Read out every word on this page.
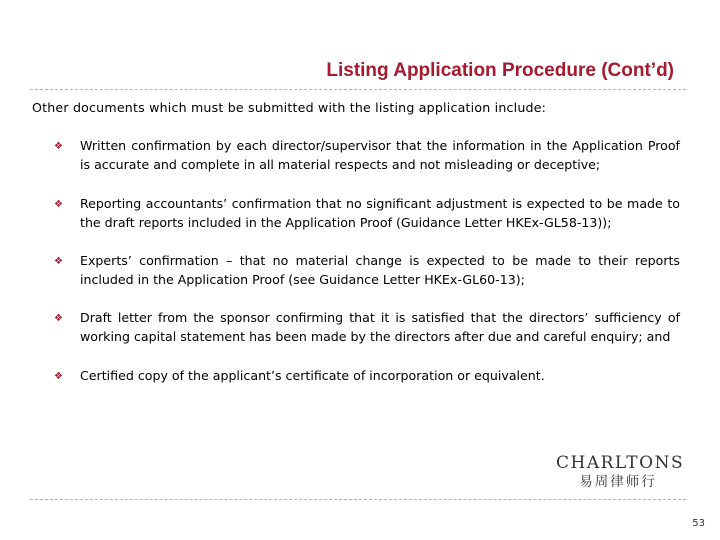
Listing Application Procedure (Cont’d)
Other documents which must be submitted with the listing application include:
❖	Written confirmation by each director/supervisor that the information in the Application Proof is accurate and complete in all material respects and not misleading or deceptive;
❖	Reporting accountants’ confirmation that no significant adjustment is expected to be made to the draft reports included in the Application Proof (Guidance Letter HKEx-GL58-13));
❖	Experts’ confirmation – that no material change is expected to be made to their reports included in the Application Proof (see Guidance Letter HKEx-GL60-13);
❖	Draft letter from the sponsor confirming that it is satisfied that the directors’ sufficiency of working capital statement has been made by the directors after due and careful enquiry; and
❖	Certified copy of the applicant’s certificate of incorporation or equivalent.
CHARLTONS
易周律师行
53
